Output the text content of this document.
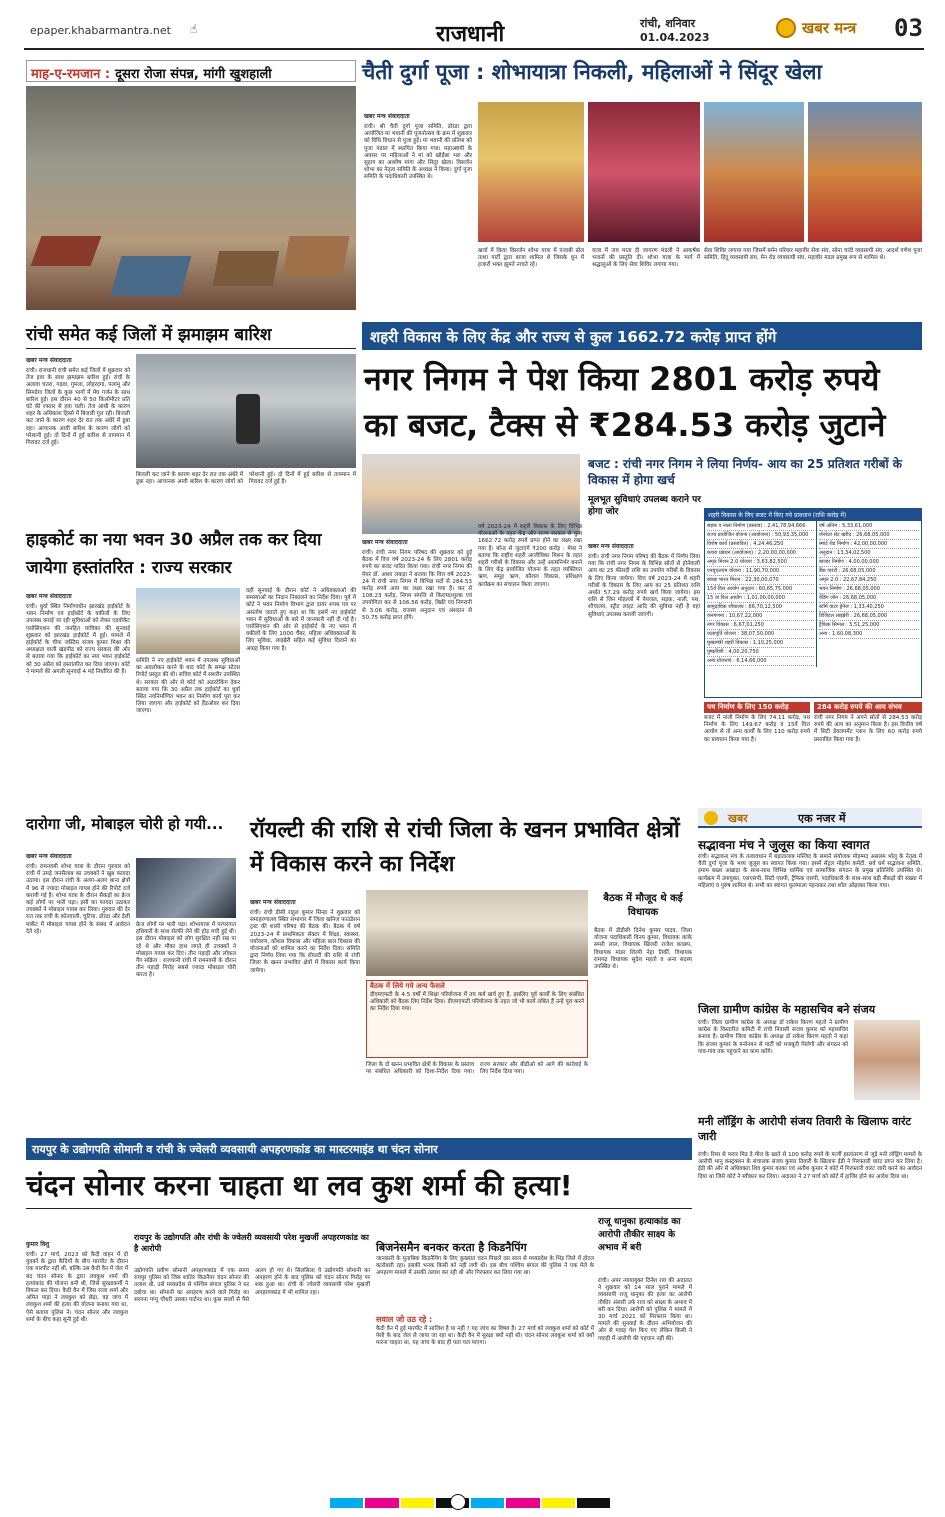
epaper.khabarmantra.net ☝	राजधानी	रांची, शनिवार
01.04.2023
खबर मन्त्र 03
माह-ए-रमजान : दूसरा रोजा संपन्न, मांगी खुशहाली	चैती दुर्गा पूजा : शोभायात्रा निकली, महिलाओं ने सिंदूर खेला
खबर मन्त्र संवाददाता
रांची। श्री चैती दुर्गा पूजा समिति, डोरंडा द्वारा आयोजित मां भवानी की पूजनोत्सव के क्रम में शुक्रवार को विधि विधान से पूजा हुई। मां भवानी की प्रतिमा को पूजा पंडाल में स्थापित किया गया। महाअष्टमी के अवसर पर महिलाओं ने मां को खोईंछा भरा और सुहाग का आशीष मांगा और सिंदूर खेला। विसर्जन शोभा का नेतृत्व समिति के अध्यक्ष ने किया। दुर्गा पूजा समिति के पदाधिकारी उपस्थित थे।
खर्चा में किया विसर्जन शोभा यात्रा में पंजाबी ढोल ताशा पार्टी द्वारा बाजा शामिल थे जिसके धुन में हजारों भक्त झूमते नाचते रहे।
यात्रा में जय माता दी जागरण मंडली ने आकर्षक भजनों की प्रस्तुति दी। शोभा यात्रा के मार्ग में श्रद्धालुओं के लिए सेवा शिविर लगाया गया।
सेवा शिविर लगाया गया जिसमें बर्मन परिवार महावीर सेवा संघ, सोना चांदी व्यवसायी संघ, आदर्श गणेश पूजा समिति, हिंदू व्यवसायी संघ, मेन रोड व्यवसायी संघ, महावीर मंडल प्रमुख रूप से शामिल थे।
रांची समेत कई जिलों में झमाझम बारिश
खबर मन्त्र संवाददाता
रांची। राजधानी रांची समेत कई जिलों में शुक्रवार को तेज हवा के साथ झमाझम बारिश हुई। रांची के अलावा चतरा, गढ़वा, गुमला, लोहरदगा, पलामू और सिमडेगा जिलों के कुछ भागों में मेघ गर्जन के साथ बारिश हुई। इस दौरान 40 से 50 किलोमीटर प्रति घंटे की रफ्तार से हवा चली। तेज आंधी के कारण शहर के अधिकांश हिस्से में बिजली गुल रही। बिजली कट जाने के कारण शहर देर रात तक अंधेरे में डूबा रहा। आचानक आयी बारिश के कारण लोगों को परेशानी हुई। दो दिनों में हुई बारिश से तापमान में गिरावट दर्ज हुई।
बिजली कट जाने के कारण शहर देर रात तक अंधेरे में डूबा रहा। आचानक आयी बारिश के कारण लोगों को परेशानी हुई। दो दिनों में हुई बारिश से तापमान में गिरावट दर्ज हुई है।
शहरी विकास के लिए केंद्र और राज्य से कुल 1662.72 करोड़ प्राप्त होंगे
नगर निगम ने पेश किया 2801 करोड़ रुपये का बजट, टैक्स से ₹284.53 करोड़ जुटाने
बजट : रांची नगर निगम ने लिया निर्णय- आय का 25 प्रतिशत गरीबों के विकास में होगा खर्च
मूलभूत सुविधाएं उपलब्ध कराने पर होगा जोर
खबर मन्त्र संवाददाता
रांची। रांची नगर निगम परिषद की शुक्रवार को हुई बैठक में वित्त वर्ष 2023-24 के लिए 2801 करोड़ रुपये का बजट पारित किया गया। रांची नगर निगम की मेयर डॉ. आशा लकड़ा ने बताया कि वित्त वर्ष 2023-24 में रांची नगर निगम में विभिन्न मदों से 284.53 करोड़ रुपये आय का लक्ष्य रखा गया है। कर से 108.23 करोड़, निगम संपत्ति से किराया/शुल्क एवं उपयोगिता कर से 106.56 करोड़, बिक्री एवं निगरानी से 3.06 करोड़, राजस्व अनुदान एवं अंशदान से 50.75 करोड़ प्राप्त होंगे।
वर्ष 2023-24 में शहरी विकास के लिए विभिन्न योजनाओं के तहत केंद्र और राज्य सरकार से कुल 1662.72 करोड़ रुपये प्राप्त होने का लक्ष्य रखा गया है। बॉन्ड से जुटाएंगे ₹200 करोड़ : मेयर ने बताया कि राष्ट्रीय शहरी आजीविका मिशन के तहत शहरी गरीबों के विकास और उन्हें आत्मनिर्भर बनाने के लिए केंद्र प्रायोजित योजना के तहत व्यक्तिगत ऋण, समूह ऋण, कौशल विकास, प्रशिक्षण कार्यक्रम का संचालन किया जाएगा।
खबर मन्त्र संवाददाता
रांची। रांची नगर निगम परिषद की बैठक में निर्णय लिया गया कि रांची नगर निगम के विभिन्न स्रोतों से होनेवाली आय का 25 फीसदी राशि का उपयोग गरीबों के विकास के लिए किया जायेगा। वित्त वर्ष 2023-24 में शहरी गरीबों के विकास के लिए आय का 25 प्रतिशत राशि अर्थात 57.29 करोड़ रुपये खर्च किया जायेगा। इस राशि से जिन मोहल्लों में पेयजल, सड़क, नाली, पथ, शौचालय, स्ट्रीट लाइट आदि की सुविधा नहीं है वहां सुविधाएं उपलब्ध करायी जाएंगी।
शहरी विकास के लिए बजट में किए गये प्रावधान (राशि करोड़ में)
सड़क व नाला निर्माण (प्रस्ताव) : 2,41,78,94,666
राज्य प्रायोजित योजना (आयोजना) : 50,93,35,000
विशेष कार्य (प्रस्तावित) : 4,24,46,250
कचरा प्रबंधन (आयोजना) : 2,20,00,00,000
अमृत मिशन 2.0 योजना : 3,63,82,500
एनयूएलएम योजना : 11,90,70,000
स्वच्छ भारत मिशन : 22,30,00,070
15वें वित्त आयोग अनुदान : 60,65,75,000
15 वां वित्त आयोग : 1,01,00,00,000
सामुदायिक शौचालय : 66,70,12,500
जनगणना : 10,67,22,000
नगर विकास : 6,67,01,250
जलापूर्ति योजना : 38,07,50,000
मुख्यमंत्री शहरी विकास : 1,10,25,000
पुष्करिणी : 4,00,20,750
अन्य योजनाएं : 6,14,66,000
वर्ष अंतिम : 5,33,61,000
जेनरेटर सेट खरीद : 26,68,05,000
स्मार्ट रोड निर्माण : 42,00,00,000
अनुदान : 13,34,02,500
बाजार निर्माण : 4,00,00,000
बैंक गारंटी : 26,68,05,000
अमृत 2.0 : 22,67,84,250
भवन निर्माण : 26,68,05,000
वेंडिंग जोन : 26,68,05,000
स्टॉर्म वाटर ड्रेनेज : 1,33,40,250
डिजिटल लाइब्रेरी : 26,68,05,000
ट्रैफिक सिग्नल : 5,51,25,000
अन्य : 1,60,08,300
पथ निर्माण के लिए 150 करोड़
बजट में नाली निर्माण के लिए 74.11 करोड़, पथ निर्माण के लिए 149.67 करोड़ व 15वें वित्त आयोग से तो अन्य कार्यों के लिए 110 करोड़ रुपये का प्रावधान किया गया है।
284 करोड़ रुपये की आय संभव
रांची नगर निगम ने अपने स्रोतों से 284.53 करोड़ रुपये की आय का अनुमान किया है। इस वित्तीय वर्ष में सिटी डेवलपमेंट प्लान के लिए 60 करोड़ रुपये प्रस्तावित किया गया है।
हाइकोर्ट का नया भवन 30 अप्रैल तक कर दिया जायेगा हस्तांतरित : राज्य सरकार
खबर मन्त्र संवाददाता
रांची। धुर्वा स्थित निर्माणाधीन झारखंड हाईकोर्ट के भवन निर्माण एवं हाईकोर्ट के वकीलों के लिए उपलब्ध कराई जा रही सुविधाओं को लेकर एडवोकेट एसोसिएशन की जनहित याचिका की सुनवाई शुक्रवार को झारखंड हाईकोर्ट में हुई। मामले में हाईकोर्ट के चीफ जस्टिस संजय कुमार मिश्रा की अध्यक्षता वाली खंडपीठ को राज्य सरकार की ओर से बताया गया कि हाईकोर्ट का नया भवन हाईकोर्ट को 30 अप्रैल को हस्तांतरित कर दिया जाएगा। कोर्ट ने मामले की अगली सुनवाई 4 मई निर्धारित की है।
समिति ने नए हाईकोर्ट भवन में उपलब्ध सुविधाओं का अवलोकन करने के बाद कोर्ट के समक्ष स्टेटस रिपोर्ट प्रस्तुत की थी। सचिव कोर्ट में सशरीर उपस्थित थे। सरकार की ओर से कोर्ट को अंडरटेकिंग देकर बताया गया कि 30 अप्रैल तक हाईकोर्ट का धुर्वा स्थित नवनिर्माणित भवन का निर्माण कार्य पूरा कर लिया जाएगा और हाईकोर्ट को हैंडओवर कर दिया जाएगा।
वहीं सुनवाई के दौरान कोर्ट ने अधिवक्ताओं की समस्याओं का निदान निकालने का निर्देश दिया। पूर्व में कोर्ट ने भवन निर्माण विभाग द्वारा दायर शपथ पत्र पर असंतोष जताते हुए कहा था कि इसमें नए हाईकोर्ट भवन में सुविधाओं के बारे में जानकारी नहीं दी गई है। एसोसिएशन की ओर से हाईकोर्ट के नए भवन में वकीलों के लिए 1000 चैंबर, महिला अधिवक्ताओं के लिए सुविधा, लाइब्रेरी सहित कई सुविधा दिलाने का आग्रह किया गया है।
दारोगा जी, मोबाइल चोरी हो गयी...
खबर मन्त्र संवाददाता
रांची। रामनवमी शोभा यात्रा के दौरान गुरुवार को रांची में उमड़े जनसैलाब का उचक्कों ने खूब फायदा उठाया। इस दौरान रांची के अलग-अलग थाना क्षेत्रों में 96 से ज्यादा मोबाइल गायब होने की रिपोर्ट दर्ज करायी गई है। शोभा यात्रा के दौरान सैकड़ों का क्रेज कई लोगों पर भारी पड़ा। इसी का फायदा उठाकर उचक्कों ने मोबाइल गायब कर लिया। गुरुवार की देर रात तक रांची के कोतवाली, चुटिया, डोरंडा और डेली मार्केट में मोबाइल गायब होने के संबंध में आवेदन देते रहे।
क्रेज लोगों पर भारी पड़ा। शोभायात्रा में परंपरागत हथियारों के साथ सेल्फी लेने की होड़ मची हुई थी। इस दौरान मोबाइल को लोग सुरक्षित नहीं रख पा रहे थे और मौका हाथ लगते ही उचक्कों ने मोबाइल गायब कर दिए। तीन पहाड़ी और लोकल गैंग सक्रिय : राजधानी रांची में रामनवमी के दौरान तीन पहाड़ी गिरोह सबसे ज्यादा मोबाइल चोरी करता है।
रॉयल्टी की राशि से रांची जिला के खनन प्रभावित क्षेत्रों में विकास करने का निर्देश
खबर मन्त्र संवाददाता
रांची। रांची डीसी राहुल कुमार सिन्हा ने शुक्रवार को समाहरणालय स्थित सभागार में जिला खनिज फाउंडेशन ट्रस्ट की शासी परिषद की बैठक की। बैठक में वर्ष 2023-24 में प्राथमिकता सेक्टर में शिक्षा, स्वास्थ्य, पर्यावरण, कौशल विकास और महिला बाल विकास की योजनाओं को शामिल करने का निर्देश दिया। समिति द्वारा निर्णय लिया गया कि रॉयल्टी की राशि से रांची जिला के खनन प्रभावित क्षेत्रों में विकास कार्य किया जायेगा।
बैठक में लिये गये अन्य फैसले
डीएमएफटी के 4.5 वर्षों में शिक्षा परियोजना में तय कर्य खर्च हुए हैं, इसलिए पूर्व कार्यों के लिए संबंधित अधिकारी को बैठक लिए निर्देश दिया। डीएमएफटी परियोजना के तहत जो भी कार्य लंबित हैं उन्हें पूरा करने का निर्देश दिया गया।
जिला के दो खनन प्रभावित क्षेत्रों के विकास के प्रस्ताव पर संबंधित अधिकारी को दिशा-निर्देश दिया गया। राज्य सरकार और बीडीओ को आगे की कार्रवाई के लिए निर्देश दिया गया।
बैठक में मौजूद थे कई विधायक
बैठक में डीडीसी दिनेश कुमार यादव, जिला योजना पदाधिकारी विनय कुमार, विधायक कांके समरी लाल, विधायक खिजरी राजेश कच्छप, विधायक मांडर शिल्पी नेहा तिर्की, विधायक रामगढ़ विधायक सुदेश महतो व अन्य सदस्य उपस्थित थे।
खबर	एक नजर में
सद्भावना मंच ने जुलूस का किया स्वागत
रांची। सद्भावना मंच के तत्वावधान में बड़ातालाब मस्जिद के समाने संयोजक मोहम्मद असलम भोलू के नेतृत्व में चैती दुर्गा पूजा के भव्य जुलूस का स्वागत किया गया। इसमें सेंट्रल मोहर्रम कमेटी, सर्व धर्म सद्भावना समिति, इमाम बख्श अखाड़ा के साथ-साथ विभिन्न धार्मिक एवं सामाजिक संगठन के प्रमुख प्रतिनिधि उपस्थित थे। कार्यक्रम में उपायुक्त, एसएसपी, सिटी एसपी, ट्रैफिक एसपी, पदाधिकारी के साथ-साथ बड़ी सैंकड़ों की संख्या में महिलाएं व पुरुष शामिल थे। सभी का स्वागत फूलमाला पहनाकर तथा शॉल ओढ़ाकर किया गया।
जिला ग्रामीण कांग्रेस के महासचिव बने संजय
रांची। जिला ग्रामीण कांग्रेस के अध्यक्ष डॉ राकेश किरण महतो ने ग्रामीण कांग्रेस के विस्तारित कमिटी में रांची निवासी संजय कुमार को महासचिव बनाया है। ग्रामीण जिला कांग्रेस के अध्यक्ष डॉ राकेश किरण महतो ने कहा कि संजय कुमार के मनोनयन से पार्टी को मजबूती मिलेगी और संगठन को गांव-गांव तक पहुंचाने का काम करेंगे।
मनी लॉड्रिंग के आरोपी संजय तिवारी के खिलाफ वारंट जारी
रांची। रिम्स से फरार मिड डे मील के खाते से 100 करोड़ रुपये के फर्जी हस्तांतरण से जुड़े मनी लॉड्रिंग मामले के आरोपी भानु कंस्ट्रक्शन के संचालक संजय कुमार तिवारी के खिलाफ ईडी ने गिरफ्तारी वारंट प्राप्त कर लिया है। ईडी की ओर से अधिवक्ता शिव कुमार काका एवं अतीश कुमार ने कोर्ट में गिरफ्तारी वारंट जारी करने का आवेदन दिया था जिसे कोर्ट ने स्वीकार कर लिया। अदालत ने 27 मार्च को कोर्ट में हाजिर होने का आदेश दिया था।
रायपुर के उद्योगपति सोमानी व रांची के ज्वेलरी व्यवसायी अपहरणकांड का मास्टरमाइंड था चंदन सोनार
चंदन सोनार करना चाहता था लव कुश शर्मा की हत्या!
कुमार विशु
रांची। 27 मार्च, 2023 को कैदी वाहन में दो युवकों के द्वारा कैदियों के बीच मारपीट के दौरान एक मारपीट नहीं थी, बल्कि उस कैदी वैन में जेल में बंद चंदन सोनार के द्वारा लवकुश शर्मा की हत्यांकांड की योजना बनी थी, जिसे सुरक्षाकर्मी ने विफल कर दिया। कैदी वैन में जिस राजा शर्मा और अमित पाड़ा ने लवकुश को छेड़ा, वह जांच में लवकुश शर्मा की हत्या की योजना बनाया गया था, ऐसे बताया पुलिस ने। चंदन सोनार और लवकुश शर्मा के बीच कहा सुनी हुई थी।
रायपुर के उद्योगपति और रांची के ज्वेलरी व्यवसायी परेश मुखर्जी अपहरणकांड का है आरोपी
उद्योगपति प्रवीण सोमानी अपहरणकांड में एक समय रायपुर पुलिस को जिस शातिर किडनैपर चंदन सोनार की तलाश थी, उसे मध्यप्रदेश से पश्चिम बंगाल पुलिस ने धर दबोचा था। सोमानी का अपहरण करने वाले गिरोह का सरगना पप्पू चौधरी उसका पार्टनर था। कुछ सालों से पैसे अलग हो गए थे। सिलसिला ये उद्योगपति सोमानी का अपहरण होने के बाद पुलिस को चंदन सोनार गिरोह पर शक हुआ था। रांची के ज्वेलरी व्यवसायी परेश मुखर्जी अपहरणकांड में भी शामिल रहा।
बिजनेसमैन बनकर करता है किडनैपिंग
जानकारी के मुताबिक किडनैपिंग के लिए कुख्यात चंदन पिछले दस साल से मध्यप्रदेश के भिंड जिले में होटल कारोबारी रहा। इसकी भनक किसी को नहीं लगी थी। इस बीच पश्चिम बंगाल की पुलिस ने एक मेले के अपहरण मामले में उसकी तलाश कर रही थी और गिरफ्तार कर लिया गया था।
सवाल जो उठ रहे :
कैदी वैन में हुई मारपीट में साजिश है या नहीं ? यह जांच का विषय है। 27 मार्च को लवकुश शर्मा को कोर्ट में पेशी के बाद जेल ले जाया जा रहा था। कैदी वैन में सुरक्षा क्यों नहीं थी। चंदन सोनार लवकुश शर्मा को क्यों मारना चाहता था, यह जांच के बाद ही पता चल पाएगा।
राजू धानुका हत्याकांड का आरोपी तौकीर साक्ष्य के अभाव में बरी
रांची। अपर न्यायायुक्त दिनेश राय की अदालत ने शुक्रवार को 14 साल पुराने मामले में व्यवसायी राजू धानुका की हत्या का आरोपी तौकीर अंसारी उर्फ राज को साक्ष्य के अभाव में बरी कर दिया। आरोपी को पुलिस ने मामले में 30 मार्च 2021 को गिरफ्तार किया था। मामले की सुनवाई के दौरान अभियोजन की ओर से गवाह पेश किए गए लेकिन किसी ने गवाही में आरोपी की पहचान नहीं की।
